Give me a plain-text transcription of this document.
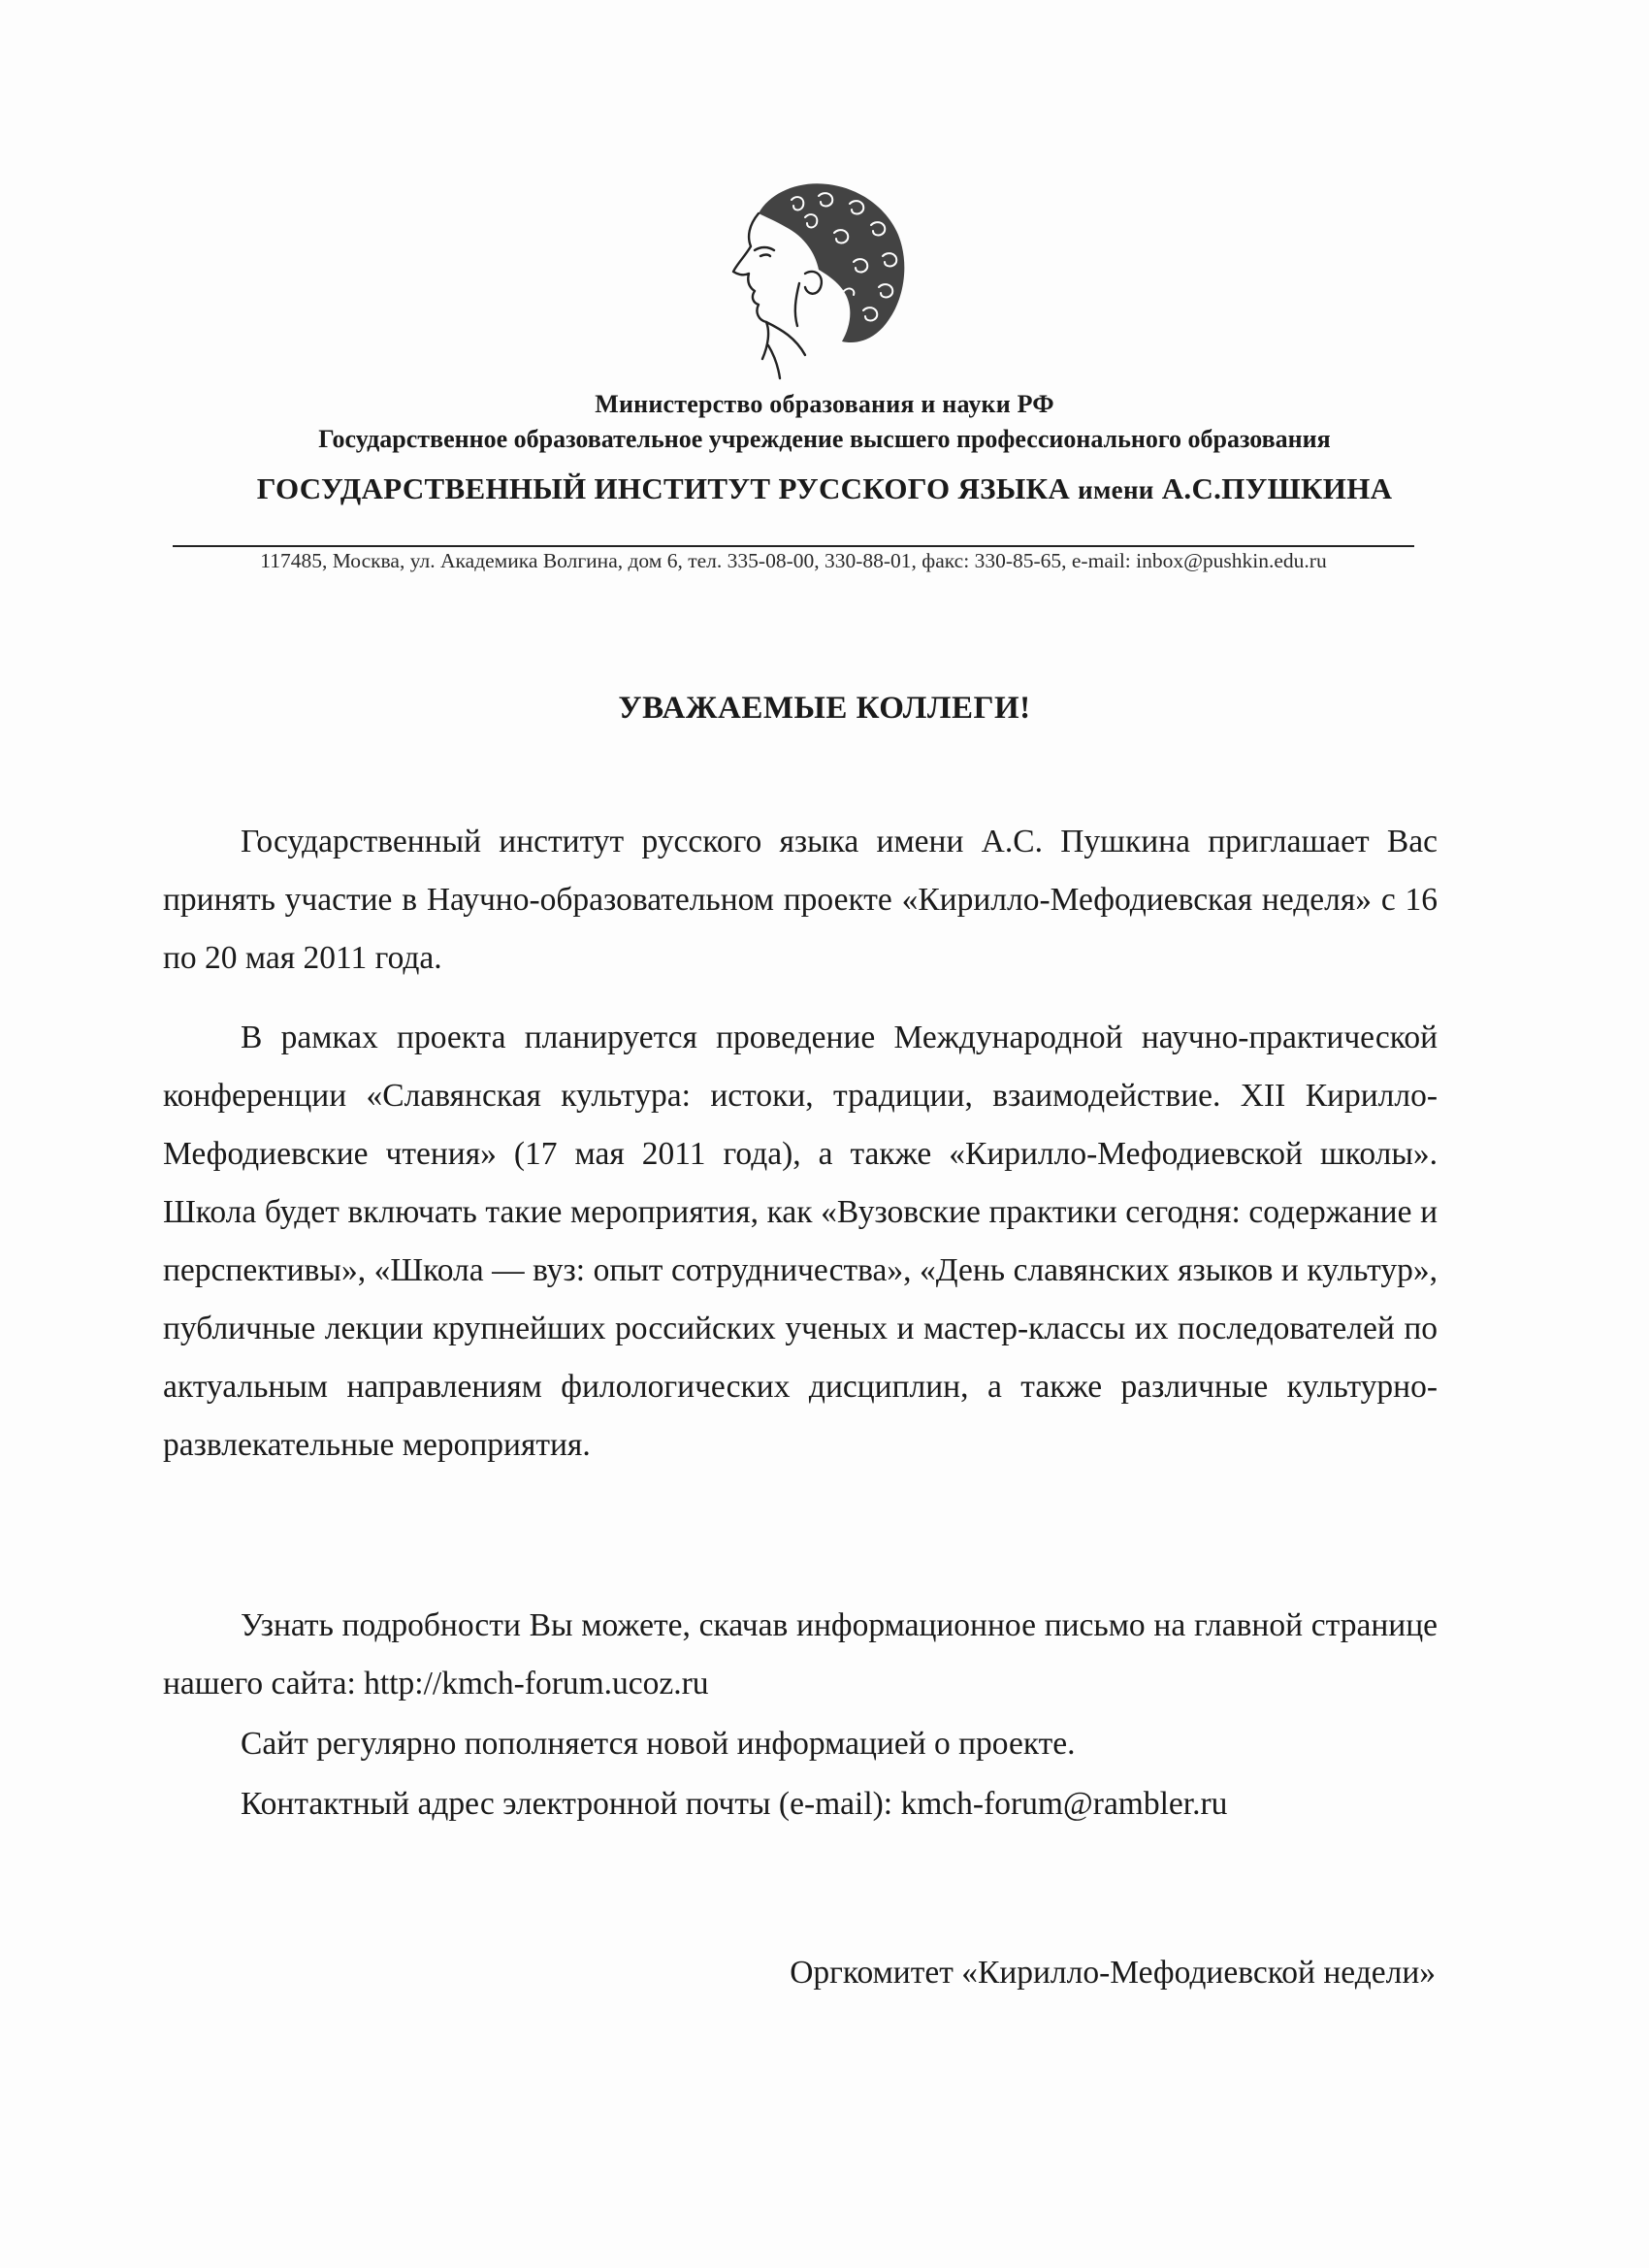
Министерство образования и науки РФ
Государственное образовательное учреждение высшего профессионального образования
ГОСУДАРСТВЕННЫЙ ИНСТИТУТ РУССКОГО ЯЗЫКА имени А.С.ПУШКИНА
117485, Москва, ул. Академика Волгина, дом 6, тел. 335-08-00, 330-88-01, факс: 330-85-65, e-mail: inbox@pushkin.edu.ru
УВАЖАЕМЫЕ КОЛЛЕГИ!
Государственный институт русского языка имени А.С. Пушкина приглашает Вас принять участие в Научно-образовательном проекте «Кирилло-Мефодиевская неделя» с 16 по 20 мая 2011 года.
В рамках проекта планируется проведение Международной научно-практической конференции «Славянская культура: истоки, традиции, взаимодействие. XII Кирилло-Мефодиевские чтения» (17 мая 2011 года), а также «Кирилло-Мефодиевской школы». Школа будет включать такие мероприятия, как «Вузовские практики сегодня: содержание и перспективы», «Школа — вуз: опыт сотрудничества», «День славянских языков и культур», публичные лекции крупнейших российских ученых и мастер-классы их последователей по актуальным направлениям филологических дисциплин, а также различные культурно-развлекательные мероприятия.
Узнать подробности Вы можете, скачав информационное письмо на главной странице нашего сайта: http://kmch-forum.ucoz.ru
Сайт регулярно пополняется новой информацией о проекте.
Контактный адрес электронной почты (e-mail): kmch-forum@rambler.ru
Оргкомитет «Кирилло-Мефодиевской недели»
